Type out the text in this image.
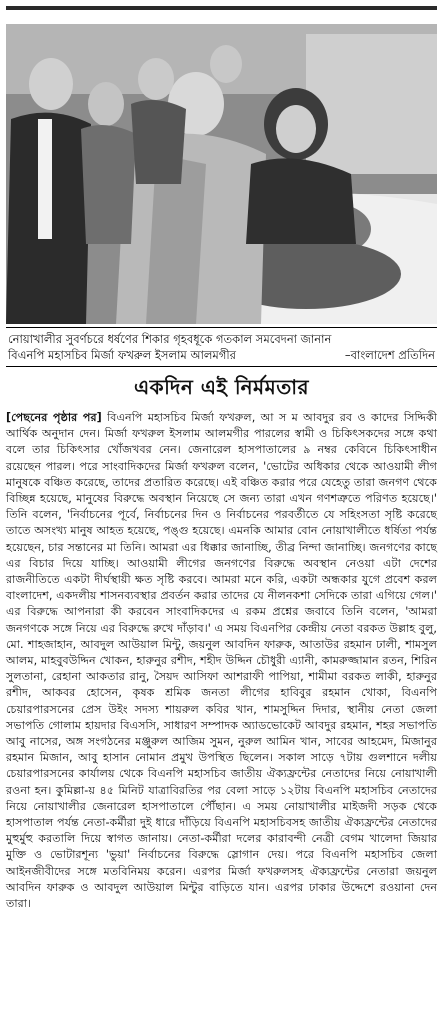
নোয়াখালীর সুবর্ণচরে ধর্ষণের শিকার গৃহবধূকে গতকাল সমবেদনা জানান
বিএনপি মহাসচিব মির্জা ফখরুল ইসলাম আলমগীর	–বাংলাদেশ প্রতিদিন
একদিন এই নির্মমতার
[পেছনের পৃষ্ঠার পর] বিএনপি মহাসচিব মির্জা ফখরুল, আ স ম আবদুর রব ও কাদের সিদ্দিকী আর্থিক অনুদান দেন। মির্জা ফখরুল ইসলাম আলমগীর পারলের স্বামী ও চিকিৎসকদের সঙ্গে কথা বলে তার চিকিৎসার খোঁজখবর নেন। জেনারেল হাসপাতালের ৯ নম্বর কেবিনে চিকিৎসাধীন রয়েছেন পারল। পরে সাংবাদিকদের মির্জা ফখরুল বলেন, 'ভোটের অধিকার থেকে আওয়ামী লীগ মানুষকে বঞ্চিত করেছে, তাদের প্রতারিত করেছে। এই বঞ্চিত করার পরে যেহেতু তারা জনগণ থেকে বিচ্ছিন্ন হয়েছে, মানুষের বিরুদ্ধে অবস্থান নিয়েছে সে জন্য তারা এখন গণশত্রুতে পরিণত হয়েছে।' তিনি বলেন, 'নির্বাচনের পূর্বে, নির্বাচনের দিন ও নির্বাচনের পরবর্তীতে যে সহিংসতা সৃষ্টি করেছে তাতে অসংখ্য মানুষ আহত হয়েছে, পঙ্গু হয়েছে। এমনকি আমার বোন নোয়াখালীতে ধর্ষিতা পর্যন্ত হয়েছেন, চার সন্তানের মা তিনি। আমরা এর ধিক্কার জানাচ্ছি, তীব্র নিন্দা জানাচ্ছি। জনগণের কাছে এর বিচার দিয়ে যাচ্ছি। আওয়ামী লীগের জনগণের বিরুদ্ধে অবস্থান নেওয়া এটা দেশের রাজনীতিতে একটা দীর্ঘস্থায়ী ক্ষত সৃষ্টি করবে। আমরা মনে করি, একটা অন্ধকার যুগে প্রবেশ করল বাংলাদেশ, একদলীয় শাসনব্যবস্থার প্রবর্তন করার তাদের যে নীলনকশা সেদিকে তারা এগিয়ে গেল।' এর বিরুদ্ধে আপনারা কী করবেন সাংবাদিকদের এ রকম প্রশ্নের জবাবে তিনি বলেন, 'আমরা জনগণকে সঙ্গে নিয়ে এর বিরুদ্ধে রুখে দাঁড়াব।' এ সময় বিএনপির কেন্দ্রীয় নেতা বরকত উল্লাহ বুলু, মো. শাহজাহান, আবদুল আউয়াল মিন্টু, জয়নুল আবদিন ফারুক, আতাউর রহমান ঢালী, শামসুল আলম, মাহবুবউদ্দিন খোকন, হারুনুর রশীদ, শহীদ উদ্দিন চৌধুরী এ্যানী, কামরুজ্জামান রতন, শিরিন সুলতানা, রেহানা আকতার রানু, সৈয়দ আসিফা আশরাফী পাপিয়া, শামীমা বরকত লাকী, হারুনুর রশীদ, আকবর হোসেন, কৃষক শ্রমিক জনতা লীগের হাবিবুর রহমান খোকা, বিএনপি চেয়ারপারসনের প্রেস উইং সদস্য শায়রুল কবির খান, শামসুদ্দিন দিদার, স্থানীয় নেতা জেলা সভাপতি গোলাম হায়দার বিএসসি, সাধারণ সম্পাদক অ্যাডভোকেট আবদুর রহমান, শহর সভাপতি আবু নাসের, অঙ্গ সংগঠনের মঞ্জুরুল আজিম সুমন, নুরুল আমিন খান, সাবের আহমেদ, মিজানুর রহমান মিজান, আবু হাসান নোমান প্রমুখ উপস্থিত ছিলেন। সকাল সাড়ে ৭টায় গুলশানে দলীয় চেয়ারপারসনের কার্যালয় থেকে বিএনপি মহাসচিব জাতীয় ঐক্যফ্রন্টের নেতাদের নিয়ে নোয়াখালী রওনা হন। কুমিল্লা-য় ৪৫ মিনিট যাত্রাবিরতির পর বেলা সাড়ে ১২টায় বিএনপি মহাসচিব নেতাদের নিয়ে নোয়াখালীর জেনারেল হাসপাতালে পৌঁছান। এ সময় নোয়াখালীর মাইজদী সড়ক থেকে হাসপাতাল পর্যন্ত নেতা-কর্মীরা দুই ধারে দাঁড়িয়ে বিএনপি মহাসচিবসহ জাতীয় ঐক্যফ্রন্টের নেতাদের মুহুর্মুহু করতালি দিয়ে স্বাগত জানায়। নেতা-কর্মীরা দলের কারাবন্দী নেত্রী বেগম খালেদা জিয়ার মুক্তি ও ভোটারশূন্য 'ভুয়া' নির্বাচনের বিরুদ্ধে স্লোগান দেয়। পরে বিএনপি মহাসচিব জেলা আইনজীবীদের সঙ্গে মতবিনিময় করেন। এরপর মির্জা ফখরুলসহ ঐক্যফ্রন্টের নেতারা জয়নুল আবদিন ফারুক ও আবদুল আউয়াল মিন্টুর বাড়িতে যান। এরপর ঢাকার উদ্দেশে রওয়ানা দেন তারা।
